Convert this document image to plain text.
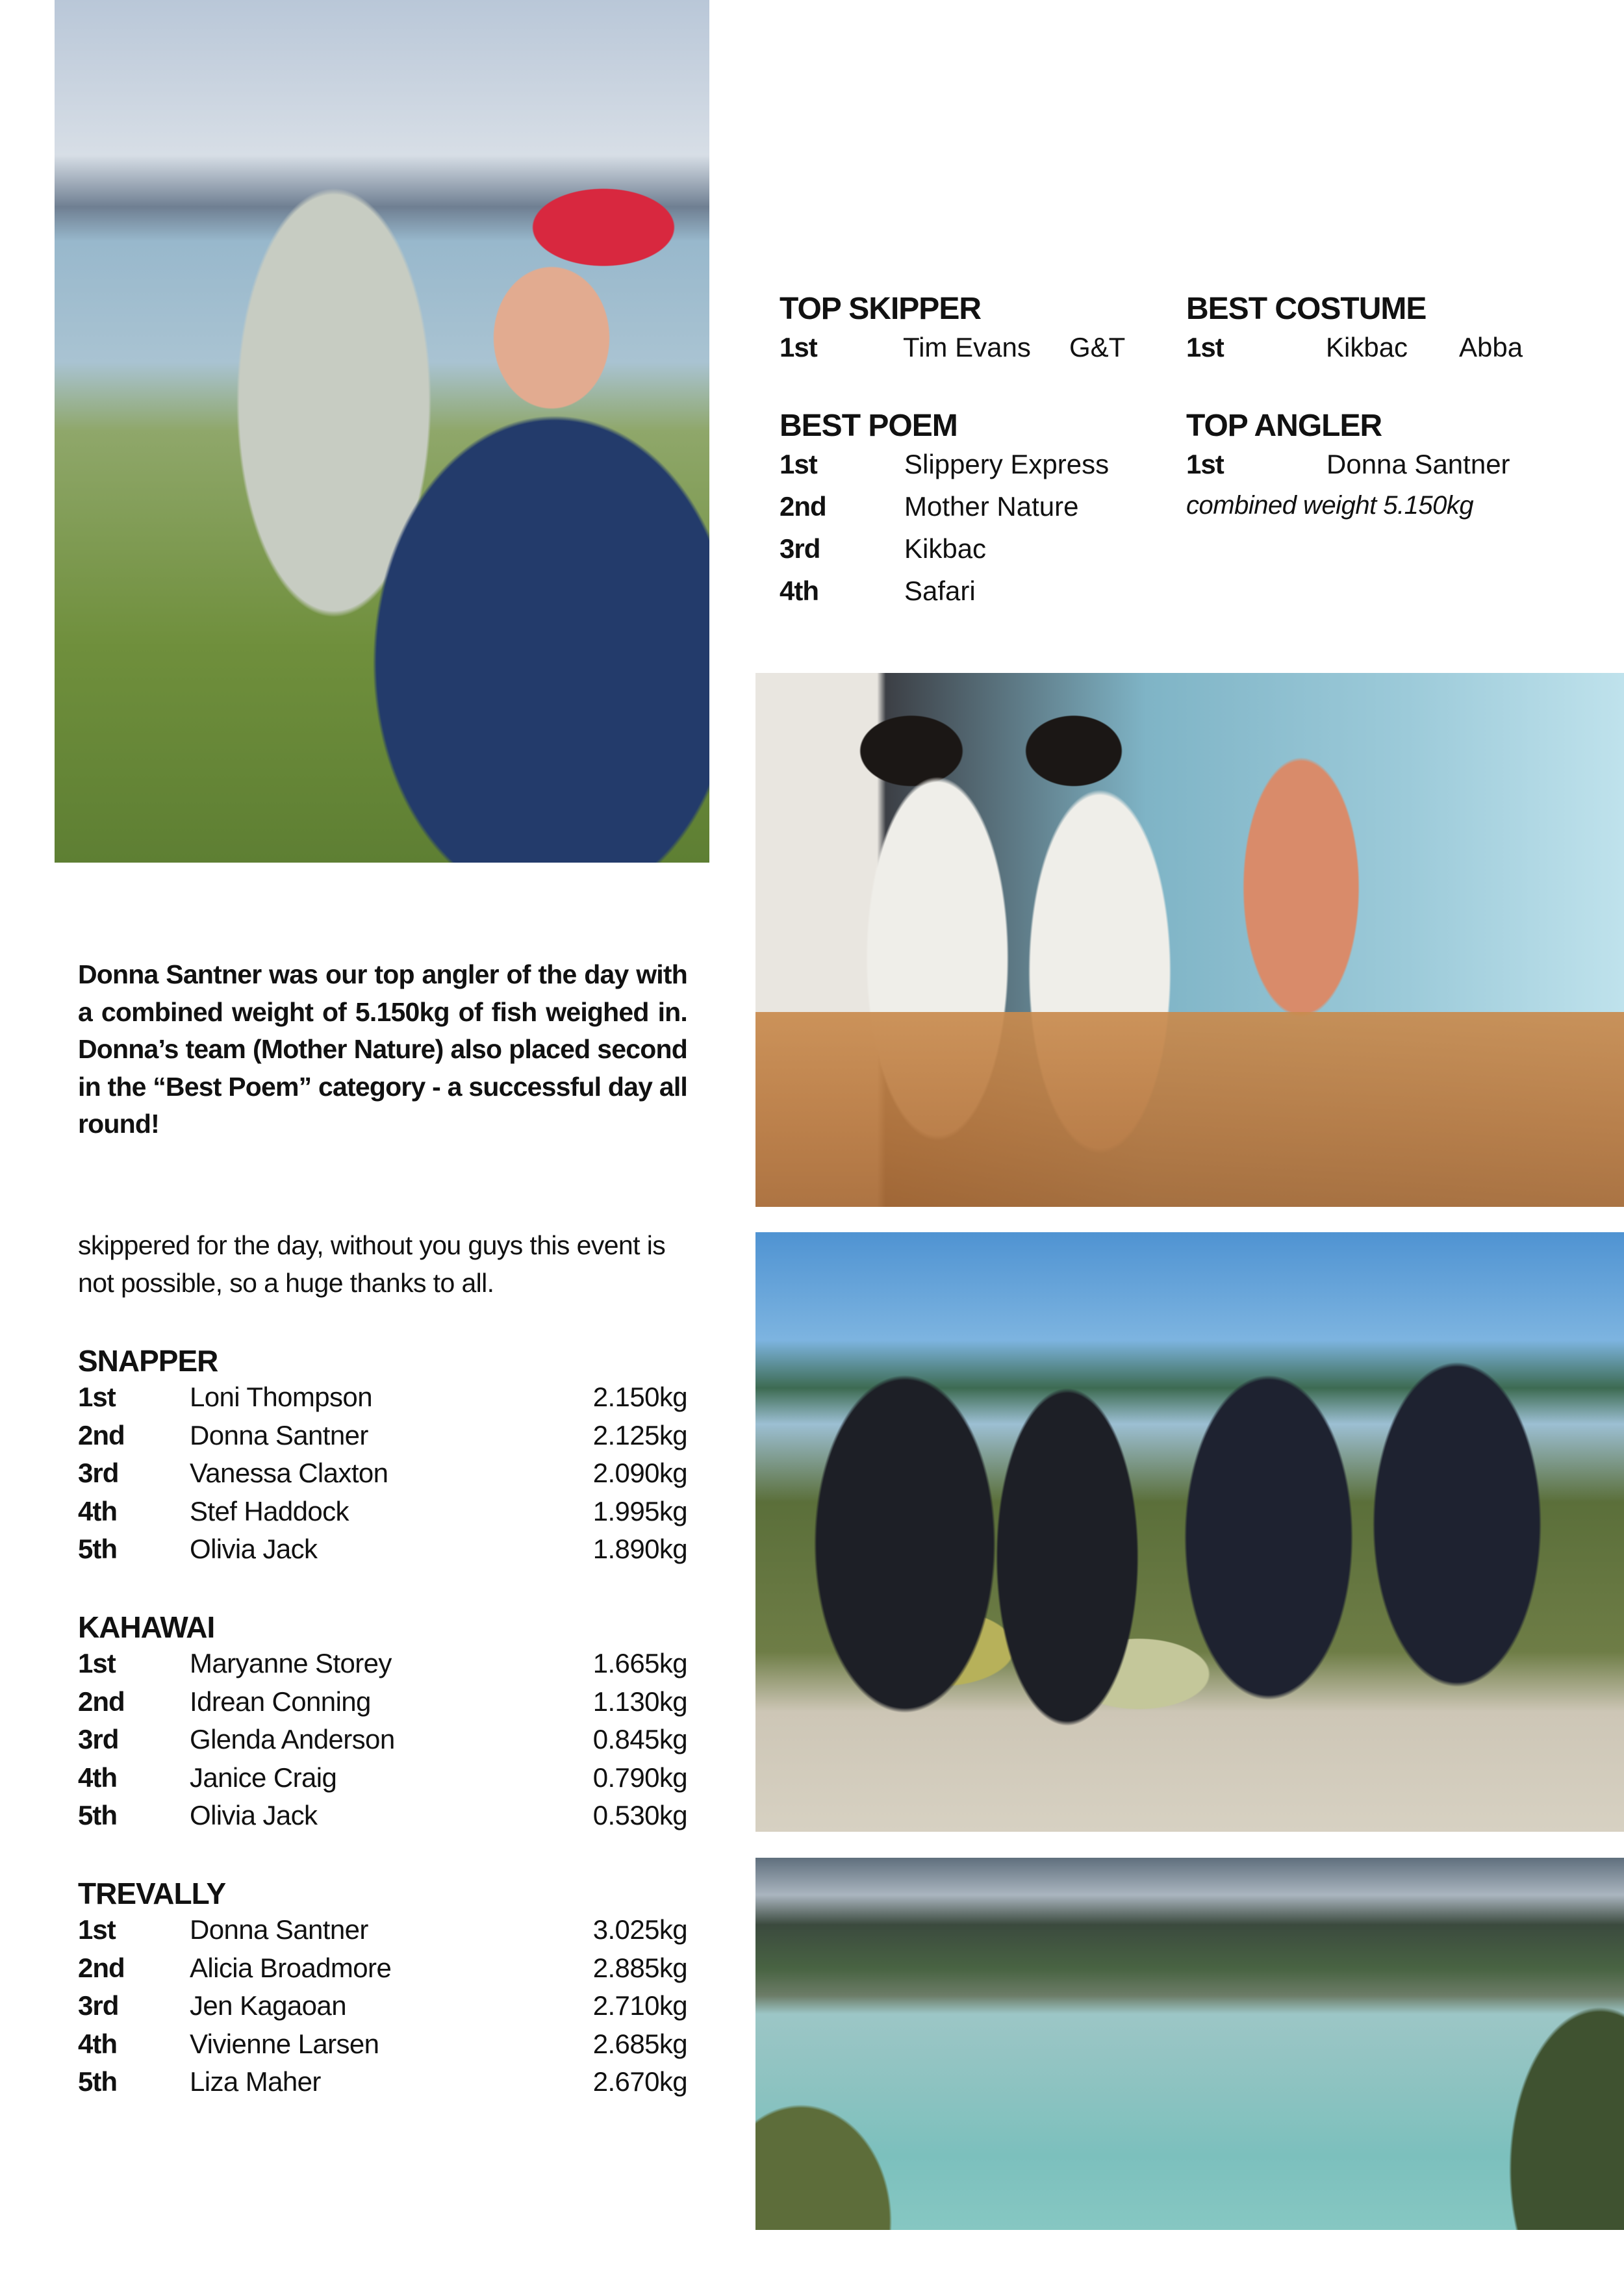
TOP SKIPPER
1st	Tim Evans G&T
BEST COSTUME
1st	Kikbac Abba
BEST POEM
1st	Slippery Express
2nd	Mother Nature
3rd	Kikbac
4th	Safari
TOP ANGLER
1st	Donna Santner
combined weight 5.150kg
Donna Santner was our top angler of the day with a combined weight of 5.150kg of fish weighed in. Donna’s team (Mother Nature) also placed second in the “Best Poem” category - a successful day all round!
skippered for the day, without you guys this event is not possible, so a huge thanks to all.
SNAPPER
1st	Loni Thompson	2.150kg
2nd Donna Santner	2.125kg
3rd	Vanessa Claxton	2.090kg
4th	Stef Haddock	1.995kg
5th	Olivia Jack	1.890kg
KAHAWAI
1st	Maryanne Storey	1.665kg
2nd Idrean Conning	1.130kg
3rd	Glenda Anderson	0.845kg
4th	Janice Craig	0.790kg
5th	Olivia Jack	0.530kg
TREVALLY
1st	Donna Santner	3.025kg
2nd Alicia Broadmore	2.885kg
3rd	Jen Kagaoan	2.710kg
4th	Vivienne Larsen	2.685kg
5th	Liza Maher	2.670kg
